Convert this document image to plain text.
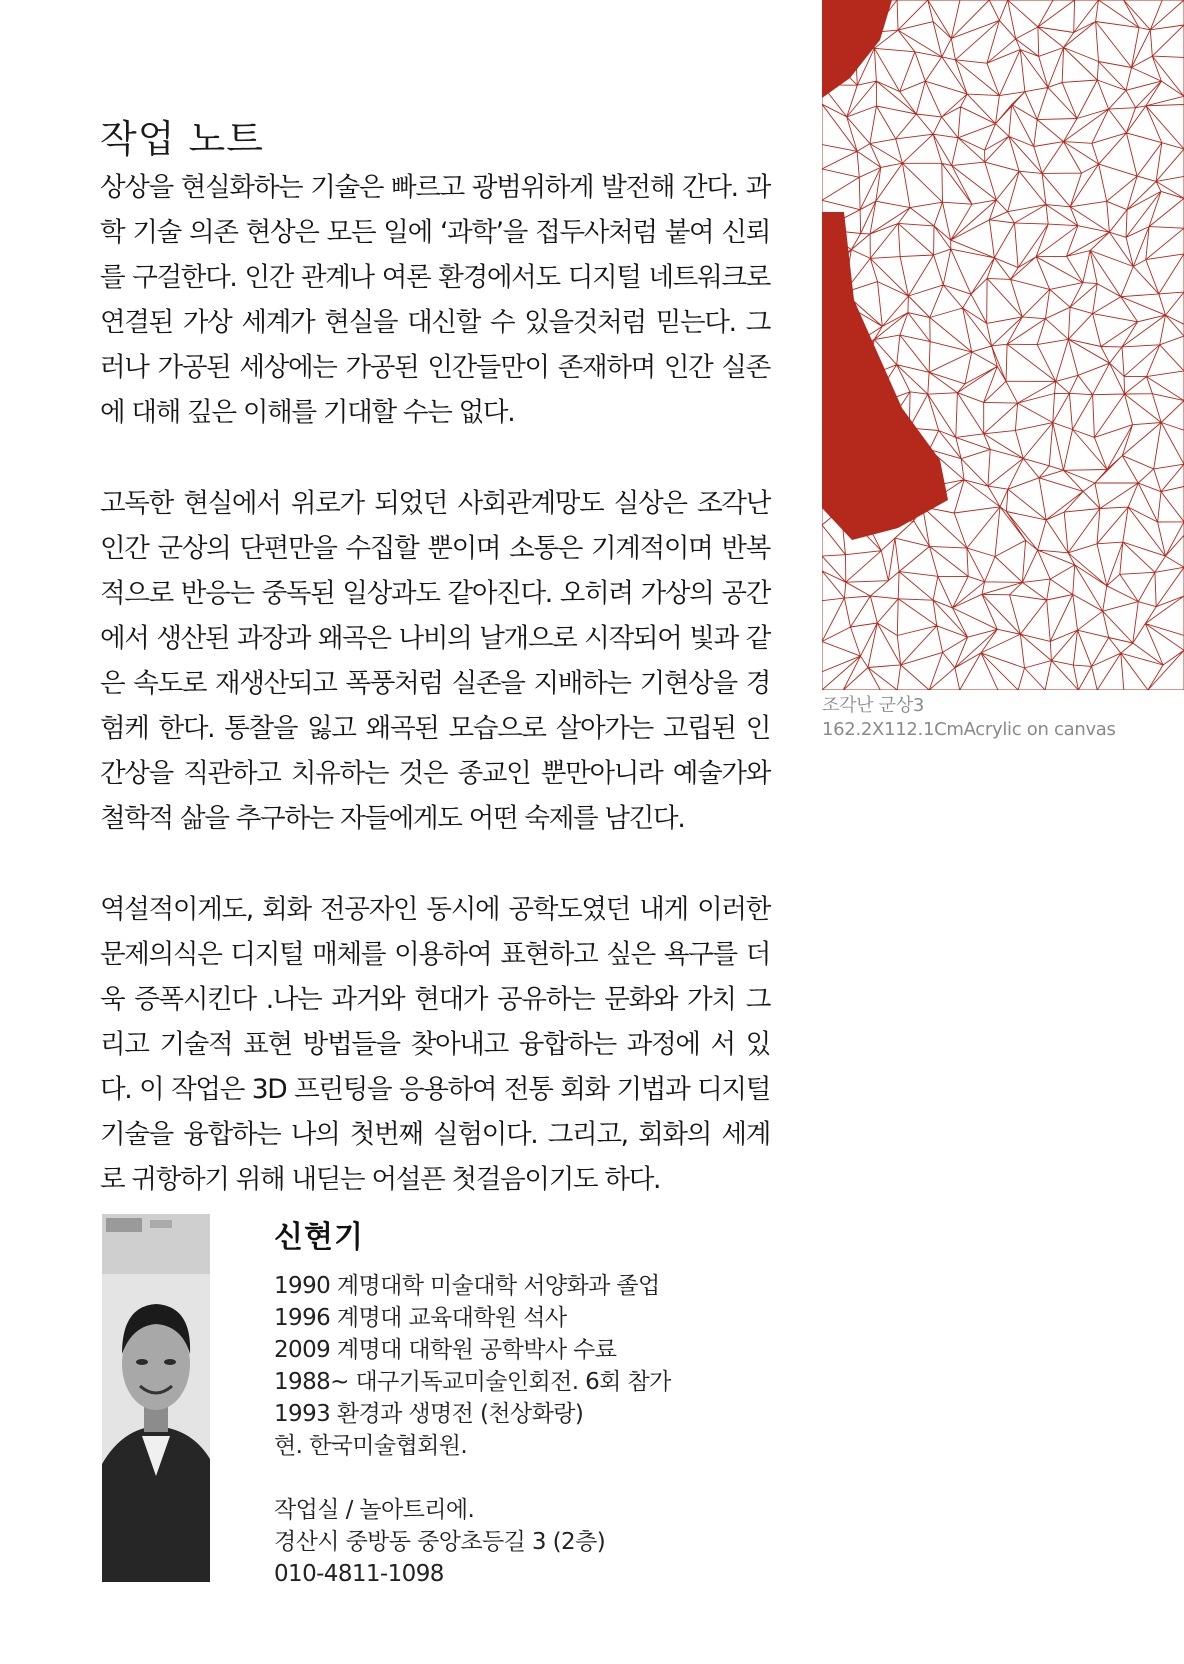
작업 노트

상상을 현실화하는 기술은 빠르고 광범위하게 발전해 간다. 과학 기술 의존 현상은 모든 일에 ‘과학’을 접두사처럼 붙여 신뢰를 구걸한다. 인간 관계나 여론 환경에서도 디지털 네트워크로 연결된 가상 세계가 현실을 대신할 수 있을것처럼 믿는다. 그러나 가공된 세상에는 가공된 인간들만이 존재하며 인간 실존에 대해 깊은 이해를 기대할 수는 없다.

고독한 현실에서 위로가 되었던 사회관계망도 실상은 조각난 인간 군상의 단편만을 수집할 뿐이며 소통은 기계적이며 반복적으로 반응는 중독된 일상과도 같아진다. 오히려 가상의 공간에서 생산된 과장과 왜곡은 나비의 날개으로 시작되어 빛과 같은 속도로 재생산되고 폭풍처럼 실존을 지배하는 기현상을 경험케 한다. 통찰을 잃고 왜곡된 모습으로 살아가는 고립된 인간상을 직관하고 치유하는 것은 종교인 뿐만아니라 예술가와 철학적 삶을 추구하는 자들에게도 어떤 숙제를 남긴다.

역설적이게도, 회화 전공자인 동시에 공학도였던 내게 이러한 문제의식은 디지털 매체를 이용하여 표현하고 싶은 욕구를 더욱 증폭시킨다 .나는 과거와 현대가 공유하는 문화와 가치 그리고 기술적 표현 방법들을 찾아내고 융합하는 과정에 서 있다. 이 작업은 3D 프린팅을 응용하여 전통 회화 기법과 디지털 기술을 융합하는 나의 첫번째 실험이다. 그리고, 회화의 세계로 귀항하기 위해 내딛는 어설픈 첫걸음이기도 하다.

조각난 군상3
162.2X112.1CmAcrylic on canvas
신현기
1990 계명대학 미술대학 서양화과 졸업
1996 계명대 교육대학원 석사
2009 계명대 대학원 공학박사 수료
1988~ 대구기독교미술인회전. 6회 참가
1993 환경과 생명전 (천상화랑)
현. 한국미술협회원.
작업실 / 놀아트리에.
경산시 중방동 중앙초등길 3 (2층)
010-4811-1098
